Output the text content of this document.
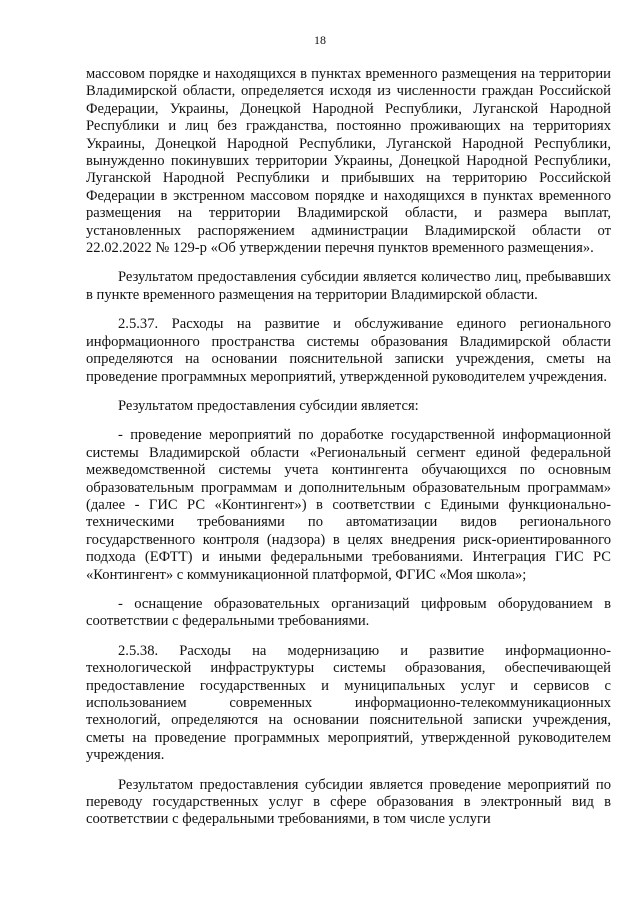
18

массовом порядке и находящихся в пунктах временного размещения на территории Владимирской области, определяется исходя из численности граждан Российской Федерации, Украины, Донецкой Народной Республики, Луганской Народной Республики и лиц без гражданства, постоянно проживающих на территориях Украины, Донецкой Народной Республики, Луганской Народной Республики, вынужденно покинувших территории Украины, Донецкой Народной Республики, Луганской Народной Республики и прибывших на территорию Российской Федерации в экстренном массовом порядке и находящихся в пунктах временного размещения на территории Владимирской области, и размера выплат, установленных распоряжением администрации Владимирской области от 22.02.2022 № 129-р «Об утверждении перечня пунктов временного размещения».

Результатом предоставления субсидии является количество лиц, пребывавших в пункте временного размещения на территории Владимирской области.

2.5.37. Расходы на развитие и обслуживание единого регионального информационного пространства системы образования Владимирской области определяются на основании пояснительной записки учреждения, сметы на проведение программных мероприятий, утвержденной руководителем учреждения.

Результатом предоставления субсидии является:

- проведение мероприятий по доработке государственной информационной системы Владимирской области «Региональный сегмент единой федеральной межведомственной системы учета контингента обучающихся по основным образовательным программам и дополнительным образовательным программам» (далее - ГИС РС «Контингент») в соответствии с Едиными функционально-техническими требованиями по автоматизации видов регионального государственного контроля (надзора) в целях внедрения риск-ориентированного подхода (ЕФТТ) и иными федеральными требованиями. Интеграция ГИС РС «Контингент» с коммуникационной платформой, ФГИС «Моя школа»;

- оснащение образовательных организаций цифровым оборудованием в соответствии с федеральными требованиями.

2.5.38. Расходы на модернизацию и развитие информационно-технологической инфраструктуры системы образования, обеспечивающей предоставление государственных и муниципальных услуг и сервисов с использованием современных информационно-телекоммуникационных технологий, определяются на основании пояснительной записки учреждения, сметы на проведение программных мероприятий, утвержденной руководителем учреждения.

Результатом предоставления субсидии является проведение мероприятий по переводу государственных услуг в сфере образования в электронный вид в соответствии с федеральными требованиями, в том числе услуги
